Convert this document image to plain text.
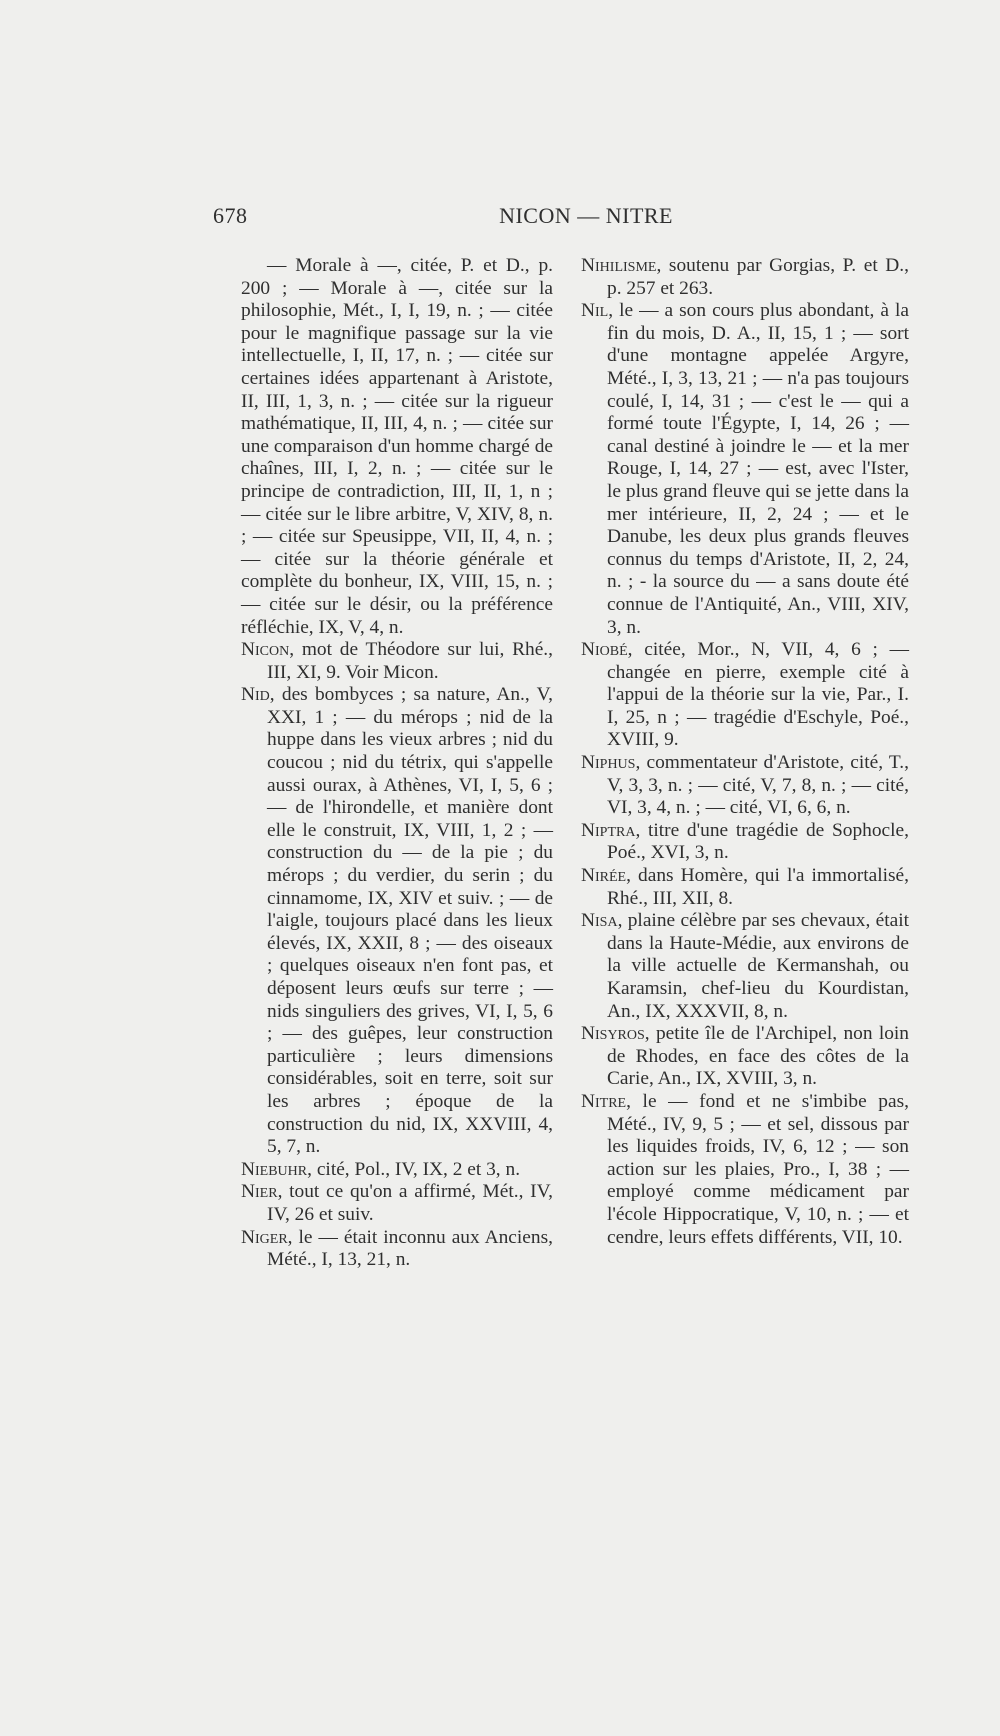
678	NICON — NITRE

— Morale à —, citée, P. et D., p. 200 ; — Morale à —, citée sur la philosophie, Mét., I, I, 19, n. ; — citée pour le magnifique passage sur la vie intellectuelle, I, II, 17, n. ; — citée sur certaines idées appartenant à Aristote, II, III, 1, 3, n. ; — citée sur la rigueur mathématique, II, III, 4, n. ; — citée sur une comparaison d'un homme chargé de chaînes, III, I, 2, n. ; — citée sur le principe de contradiction, III, II, 1, n ; — citée sur le libre arbitre, V, XIV, 8, n. ; — citée sur Speusippe, VII, II, 4, n. ; — citée sur la théorie générale et complète du bonheur, IX, VIII, 15, n. ; — citée sur le désir, ou la préférence réfléchie, IX, V, 4, n.

Nicon, mot de Théodore sur lui, Rhé., III, XI, 9. Voir Micon.

Nid, des bombyces ; sa nature, An., V, XXI, 1 ; — du mérops ; nid de la huppe dans les vieux arbres ; nid du coucou ; nid du tétrix, qui s'appelle aussi ourax, à Athènes, VI, I, 5, 6 ; — de l'hirondelle, et manière dont elle le construit, IX, VIII, 1, 2 ; — construction du — de la pie ; du mérops ; du verdier, du serin ; du cinnamome, IX, XIV et suiv. ; — de l'aigle, toujours placé dans les lieux élevés, IX, XXII, 8 ; — des oiseaux ; quelques oiseaux n'en font pas, et déposent leurs œufs sur terre ; — nids singuliers des grives, VI, I, 5, 6 ; — des guêpes, leur construction particulière ; leurs dimensions considérables, soit en terre, soit sur les arbres ; époque de la construction du nid, IX, XXVIII, 4, 5, 7, n.

Niebuhr, cité, Pol., IV, IX, 2 et 3, n.

Nier, tout ce qu'on a affirmé, Mét., IV, IV, 26 et suiv.

Niger, le — était inconnu aux Anciens, Mété., I, 13, 21, n.

Nihilisme, soutenu par Gorgias, P. et D., p. 257 et 263.

Nil, le — a son cours plus abondant, à la fin du mois, D. A., II, 15, 1 ; — sort d'une montagne appelée Argyre, Mété., I, 3, 13, 21 ; — n'a pas toujours coulé, I, 14, 31 ; — c'est le — qui a formé toute l'Égypte, I, 14, 26 ; — canal destiné à joindre le — et la mer Rouge, I, 14, 27 ; — est, avec l'Ister, le plus grand fleuve qui se jette dans la mer intérieure, II, 2, 24 ; — et le Danube, les deux plus grands fleuves connus du temps d'Aristote, II, 2, 24, n. ; - la source du — a sans doute été connue de l'Antiquité, An., VIII, XIV, 3, n.

Niobé, citée, Mor., N, VII, 4, 6 ; — changée en pierre, exemple cité à l'appui de la théorie sur la vie, Par., I. I, 25, n ; — tragédie d'Eschyle, Poé., XVIII, 9.

Niphus, commentateur d'Aristote, cité, T., V, 3, 3, n. ; — cité, V, 7, 8, n. ; — cité, VI, 3, 4, n. ; — cité, VI, 6, 6, n.

Niptra, titre d'une tragédie de Sophocle, Poé., XVI, 3, n.

Nirée, dans Homère, qui l'a immortalisé, Rhé., III, XII, 8.

Nisa, plaine célèbre par ses chevaux, était dans la Haute-Médie, aux environs de la ville actuelle de Kermanshah, ou Karamsin, chef-lieu du Kourdistan, An., IX, XXXVII, 8, n.

Nisyros, petite île de l'Archipel, non loin de Rhodes, en face des côtes de la Carie, An., IX, XVIII, 3, n.

Nitre, le — fond et ne s'imbibe pas, Mété., IV, 9, 5 ; — et sel, dissous par les liquides froids, IV, 6, 12 ; — son action sur les plaies, Pro., I, 38 ; — employé comme médicament par l'école Hippocratique, V, 10, n. ; — et cendre, leurs effets différents, VII, 10.
